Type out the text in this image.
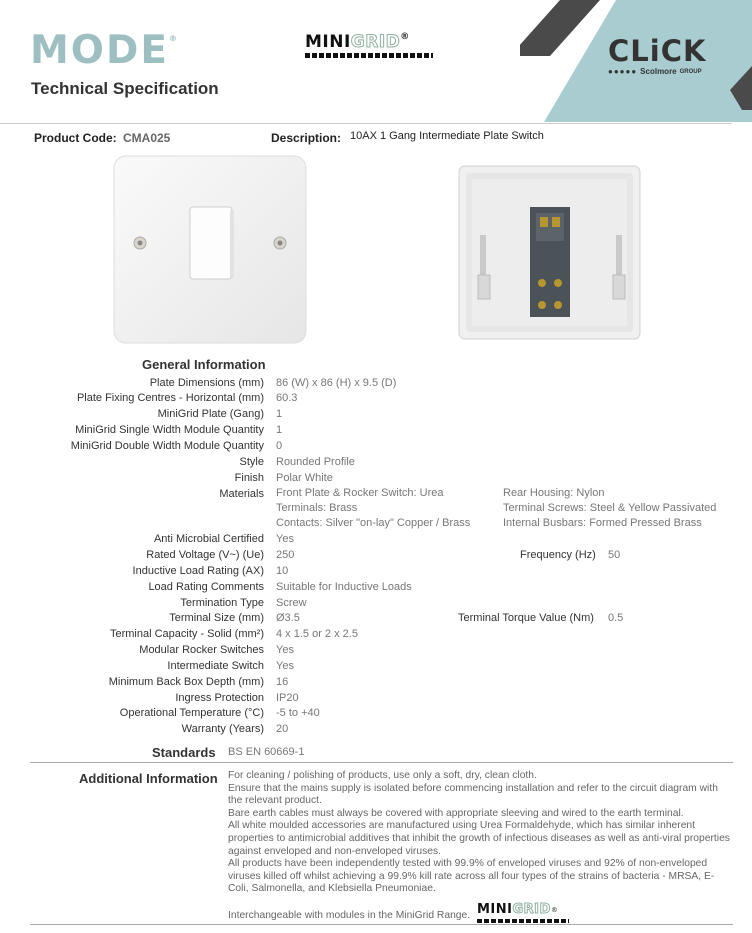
CLiCK
●●●●● Scolmore GROUP
MODE®
Technical Specification
MINIGRID®
Product Code: CMA025	Description: 10AX 1 Gang Intermediate Plate Switch
General Information
Plate Dimensions (mm) 86 (W) x 86 (H) x 9.5 (D)
Plate Fixing Centres - Horizontal (mm) 60.3
MiniGrid Plate (Gang) 1
MiniGrid Single Width Module Quantity 1
MiniGrid Double Width Module Quantity 0
Style Rounded Profile
Finish Polar White
Materials Front Plate & Rocker Switch: Urea
Terminals: Brass
Contacts: Silver "on-lay" Copper / Brass
Rear Housing: Nylon
Terminal Screws: Steel & Yellow Passivated
Internal Busbars: Formed Pressed Brass
Anti Microbial Certified Yes
Rated Voltage (V~) (Ue) 250
Inductive Load Rating (AX) 10
Load Rating Comments Suitable for Inductive Loads
Termination Type Screw
Terminal Size (mm) Ø3.5
Terminal Capacity - Solid (mm²) 4 x 1.5 or 2 x 2.5
Modular Rocker Switches Yes
Intermediate Switch Yes
Minimum Back Box Depth (mm) 16
Ingress Protection IP20
Operational Temperature (°C) -5 to +40
Warranty (Years) 20
Frequency (Hz) 50
Terminal Torque Value (Nm) 0.5
Standards BS EN 60669-1
Additional Information For cleaning / polishing of products, use only a soft, dry, clean cloth.

Ensure that the mains supply is isolated before commencing installation and refer to the circuit diagram with the relevant product.

Bare earth cables must always be covered with appropriate sleeving and wired to the earth terminal.

All white moulded accessories are manufactured using Urea Formaldehyde, which has similar inherent properties to antimicrobial additives that inhibit the growth of infectious diseases as well as anti-viral properties against enveloped and non-enveloped viruses.

All products have been independently tested with 99.9% of enveloped viruses and 92% of non-enveloped viruses killed off whilst achieving a 99.9% kill rate across all four types of the strains of bacteria - MRSA, E-Coli, Salmonella, and Klebsiella Pneumoniae.

Interchangeable with modules in the MiniGrid Range. MINIGRID®
